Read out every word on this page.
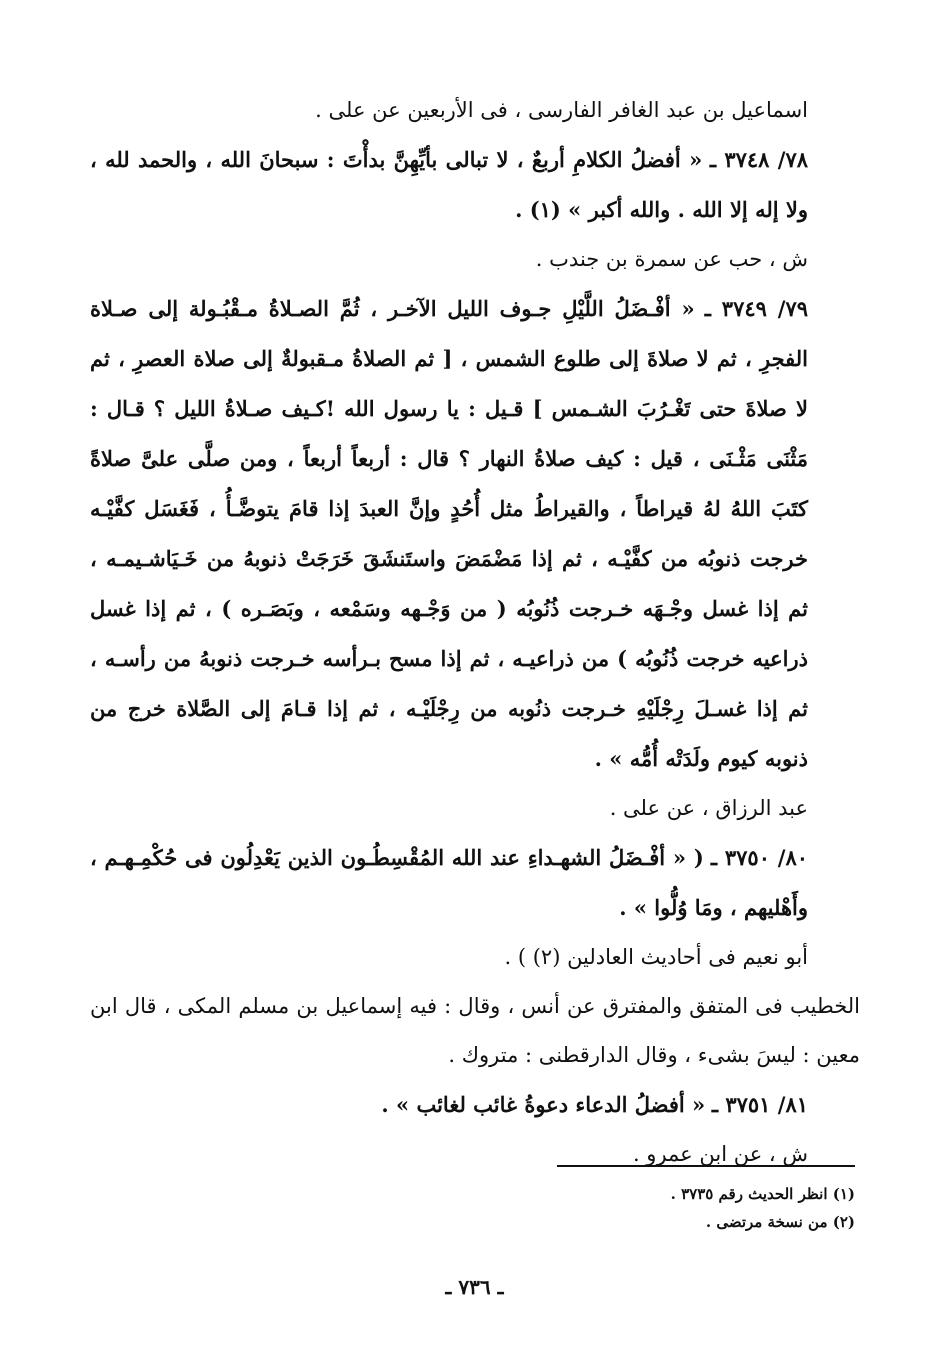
اسماعيل بن عبد الغافر الفارسى ، فى الأربعين عن على .
٧٨/ ٣٧٤٨ ـ « أفضلُ الكلامِ أربعٌ ، لا تبالى بأيِّهِنَّ بدأْتَ : سبحانَ الله ، والحمد لله ، ولا إله إلا الله . والله أكبر » (١) .
ش ، حب عن سمرة بن جندب .
٧٩/ ٣٧٤٩ ـ « أفْـضَلُ اللَّيْلِ جـوف الليل الآخـر ، ثُمَّ الصـلاةُ مـقْبُـولة إلى صـلاة الفجرِ ، ثم لا صلاةَ إلى طلوع الشمس ، [ ثم الصلاةُ مـقبولةٌ إلى صلاة العصرِ ، ثم لا صلاةَ حتى تَغْـرُبَ الشـمس ] قـيل : يا رسول الله !كـيف صـلاةُ الليل ؟ قـال : مَثْنَى مَثْـنَى ، قيل : كيف صلاةُ النهار ؟ قال : أربعاً أربعاً ، ومن صلَّى علىَّ صلاةً كتَبَ اللهُ لهُ قيراطاً ، والقيراطُ مثل أُحُدٍ وإنَّ العبدَ إذا قامَ يتوضَّـأُ ، فَغَسَل كفَّيْـه خرجت ذنوبُه من كفَّيْـه ، ثم إذا مَضْمَضَ واستَنشَقَ خَرَجَتْ ذنوبهُ من خَـيَاشـيمـه ، ثم إذا غسل وجْـهَه خـرجت ذُنُوبُه ( من وَجْـهه وسَمْعه ، وبَصَـره ) ، ثم إذا غسل ذراعيه خرجت ذُنُوبُه ) من ذراعيـه ، ثم إذا مسح بـرأسه خـرجت ذنوبهُ من رأسـه ، ثم إذا غسـلَ رِجْلَيْهِ خـرجت ذنُوبه من رِجْلَيْـه ، ثم إذا قـامَ إلى الصَّلاة خرج من ذنوبه كيوم ولَدَتْه أُمُّه » .
عبد الرزاق ، عن على .
٨٠/ ٣٧٥٠ ـ ( « أفْـضَلُ الشهـداءِ عند الله المُقْسِطُـون الذين يَعْدِلُون فى حُكْمِـهـم ، وأَهْليهم ، ومَا وُلُّوا » .
أبو نعيم فى أحاديث العادلين (٢) ) .
الخطيب فى المتفق والمفترق عن أنس ، وقال : فيه إسماعيل بن مسلم المكى ، قال ابن معين : ليسَ بشىء ، وقال الدارقطنى : متروك .
٨١/ ٣٧٥١ ـ « أفضلُ الدعاء دعوةُ غائب لغائب » .
ش ، عن ابن عمرو .
(١) انظر الحديث رقم ٣٧٣٥ .
(٢) من نسخة مرتضى .
ـ ٧٣٦ ـ
